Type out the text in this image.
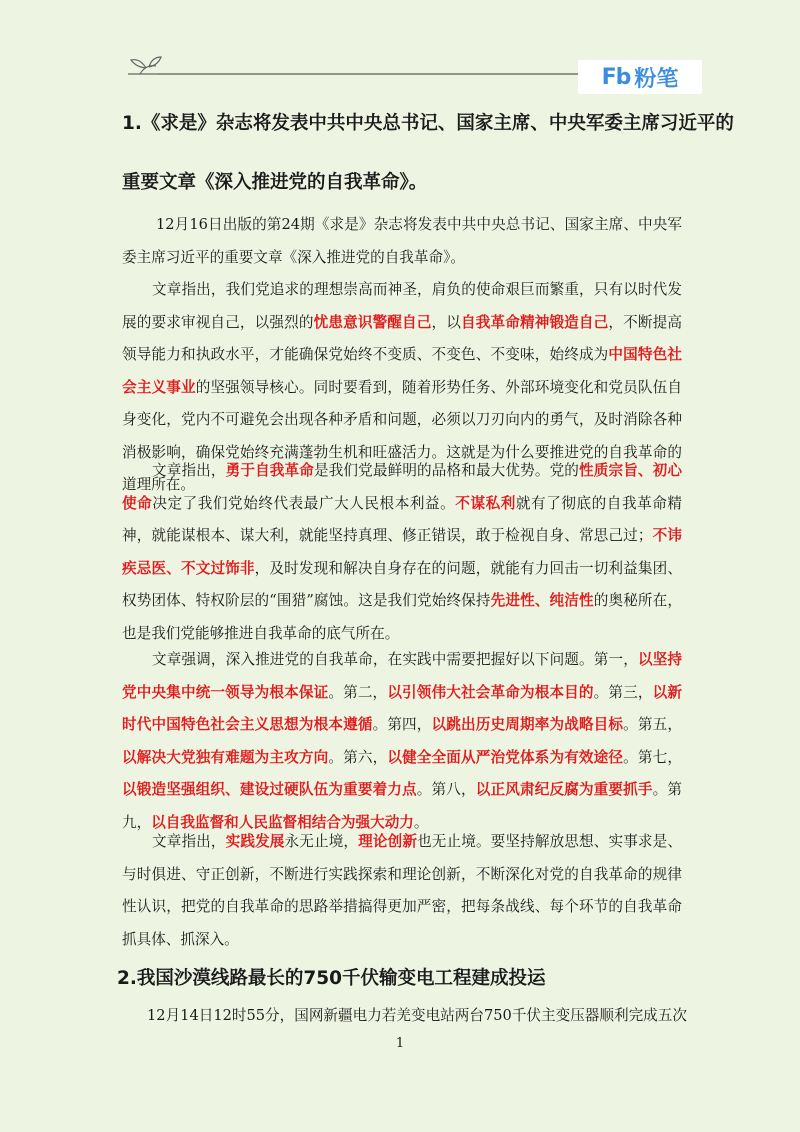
Fb 粉笔
1.《求是》杂志将发表中共中央总书记、国家主席、中央军委主席习近平的
重要文章《深入推进党的自我革命》。
12月16日出版的第24期《求是》杂志将发表中共中央总书记、国家主席、中央军委主席习近平的重要文章《深入推进党的自我革命》。
文章指出，我们党追求的理想崇高而神圣，肩负的使命艰巨而繁重，只有以时代发展的要求审视自己，以强烈的忧患意识警醒自己，以自我革命精神锻造自己，不断提高领导能力和执政水平，才能确保党始终不变质、不变色、不变味，始终成为中国特色社会主义事业的坚强领导核心。同时要看到，随着形势任务、外部环境变化和党员队伍自身变化，党内不可避免会出现各种矛盾和问题，必须以刀刃向内的勇气，及时消除各种消极影响，确保党始终充满蓬勃生机和旺盛活力。这就是为什么要推进党的自我革命的道理所在。
文章指出，勇于自我革命是我们党最鲜明的品格和最大优势。党的性质宗旨、初心使命决定了我们党始终代表最广大人民根本利益。不谋私利就有了彻底的自我革命精神，就能谋根本、谋大利，就能坚持真理、修正错误，敢于检视自身、常思己过；不讳疾忌医、不文过饰非，及时发现和解决自身存在的问题，就能有力回击一切利益集团、权势团体、特权阶层的“围猎”腐蚀。这是我们党始终保持先进性、纯洁性的奥秘所在，也是我们党能够推进自我革命的底气所在。
文章强调，深入推进党的自我革命，在实践中需要把握好以下问题。第一，以坚持党中央集中统一领导为根本保证。第二，以引领伟大社会革命为根本目的。第三，以新时代中国特色社会主义思想为根本遵循。第四，以跳出历史周期率为战略目标。第五，以解决大党独有难题为主攻方向。第六，以健全全面从严治党体系为有效途径。第七，以锻造坚强组织、建设过硬队伍为重要着力点。第八，以正风肃纪反腐为重要抓手。第九，以自我监督和人民监督相结合为强大动力。
文章指出，实践发展永无止境，理论创新也无止境。要坚持解放思想、实事求是、与时俱进、守正创新，不断进行实践探索和理论创新，不断深化对党的自我革命的规律性认识，把党的自我革命的思路举措搞得更加严密，把每条战线、每个环节的自我革命抓具体、抓深入。
2.我国沙漠线路最长的750千伏输变电工程建成投运
12月14日12时55分，国网新疆电力若羌变电站两台750千伏主变压器顺利完成五次
1
